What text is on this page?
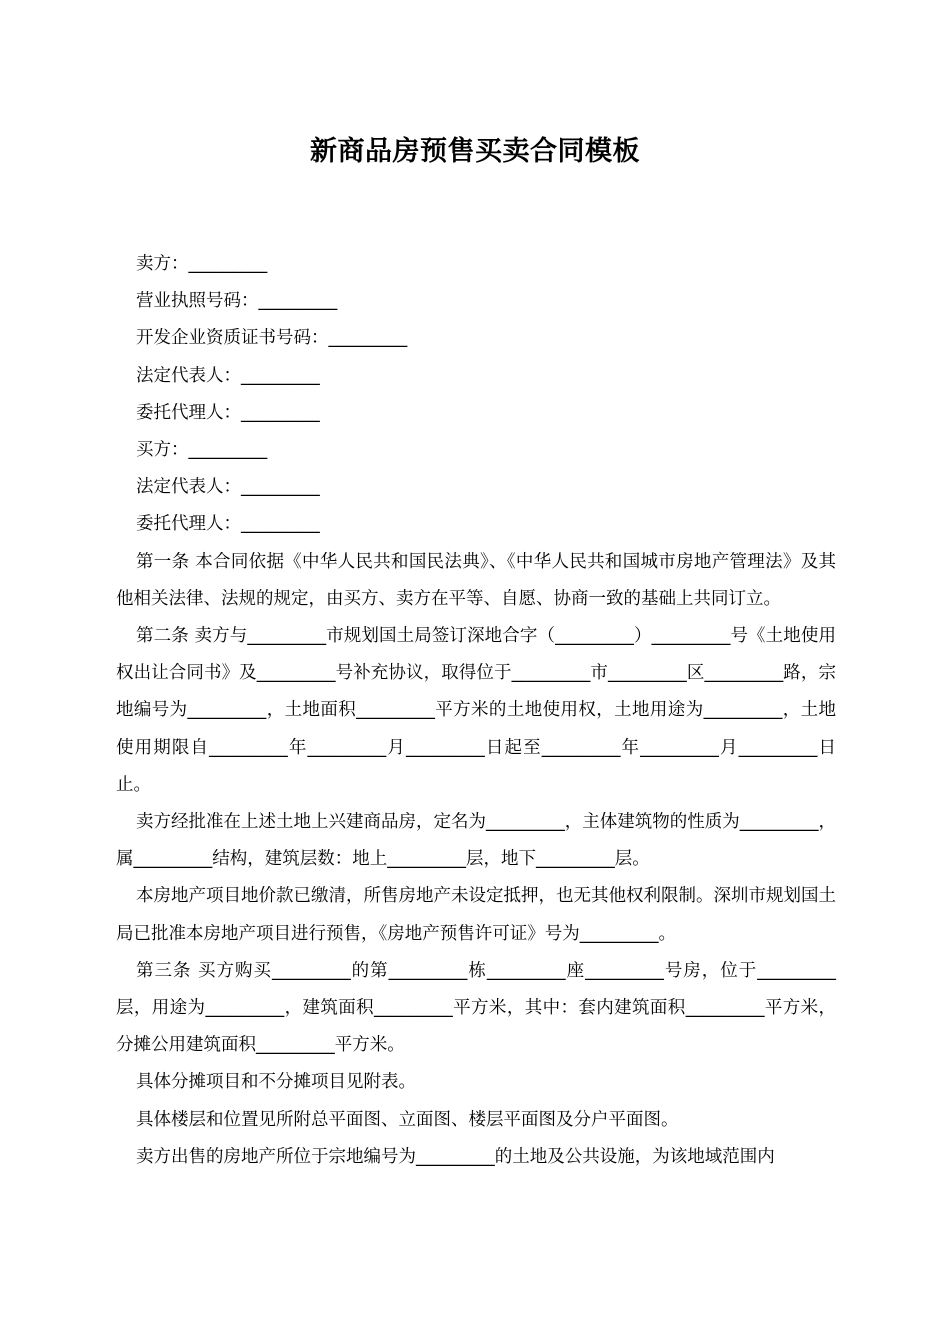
新商品房预售买卖合同模板

卖方：_________

营业执照号码：_________

开发企业资质证书号码：_________

法定代表人：_________

委托代理人：_________

买方：_________

法定代表人：_________

委托代理人：_________

第一条 本合同依据《中华人民共和国民法典》、《中华人民共和国城市房地产管理法》及其他相关法律、法规的规定，由买方、卖方在平等、自愿、协商一致的基础上共同订立。

第二条 卖方与_________市规划国土局签订深地合字（_________）_________号《土地使用权出让合同书》及_________号补充协议，取得位于_________市_________区_________路，宗地编号为_________，土地面积_________平方米的土地使用权，土地用途为_________，土地使用期限自_________年_________月_________日起至_________年_________月_________日止。

卖方经批准在上述土地上兴建商品房，定名为_________，主体建筑物的性质为_________，属_________结构，建筑层数：地上_________层，地下_________层。

本房地产项目地价款已缴清，所售房地产未设定抵押，也无其他权利限制。深圳市规划国土局已批准本房地产项目进行预售，《房地产预售许可证》号为_________。

第三条 买方购买_________的第_________栋_________座_________号房，位于_________层，用途为_________，建筑面积_________平方米，其中：套内建筑面积_________平方米，分摊公用建筑面积_________平方米。

具体分摊项目和不分摊项目见附表。

具体楼层和位置见所附总平面图、立面图、楼层平面图及分户平面图。

卖方出售的房地产所位于宗地编号为_________的土地及公共设施，为该地域范围内
